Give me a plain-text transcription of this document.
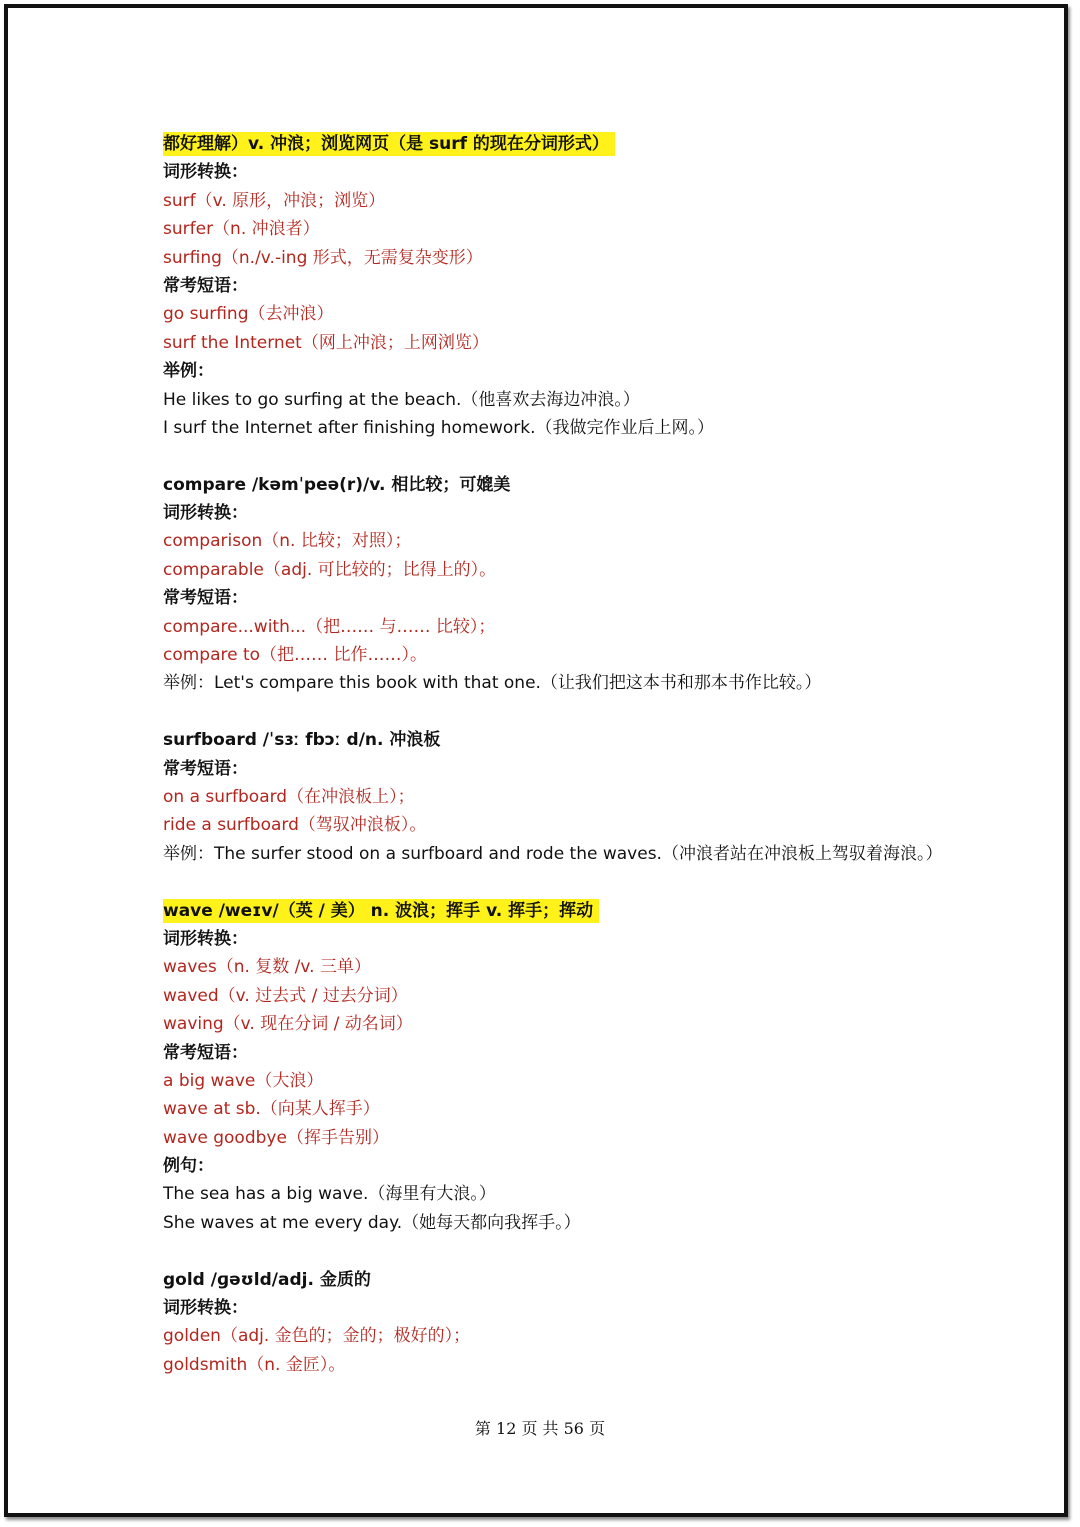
都好理解）v. 冲浪；浏览网页（是 surf 的现在分词形式）
词形转换：
surf（v. 原形，冲浪；浏览）
surfer（n. 冲浪者）
surfing（n./v.-ing 形式，无需复杂变形）
常考短语：
go surfing（去冲浪）
surf the Internet（网上冲浪；上网浏览）
举例：
He likes to go surfing at the beach.（他喜欢去海边冲浪。）
I surf the Internet after finishing homework.（我做完作业后上网。）
compare /kəmˈpeə(r)/v. 相比较；可媲美
词形转换：
comparison（n. 比较；对照）；
comparable（adj. 可比较的；比得上的）。
常考短语：
compare...with...（把…… 与…… 比较）；
compare to（把…… 比作……）。
举例：Let's compare this book with that one.（让我们把这本书和那本书作比较。）
surfboard /ˈsɜː fbɔː d/n. 冲浪板
常考短语：
on a surfboard（在冲浪板上）；
ride a surfboard（驾驭冲浪板）。
举例：The surfer stood on a surfboard and rode the waves.（冲浪者站在冲浪板上驾驭着海浪。）
wave /weɪv/（英 / 美） n. 波浪；挥手 v. 挥手；挥动
词形转换：
waves（n. 复数 /v. 三单）
waved（v. 过去式 / 过去分词）
waving（v. 现在分词 / 动名词）
常考短语：
a big wave（大浪）
wave at sb.（向某人挥手）
wave goodbye（挥手告别）
例句：
The sea has a big wave.（海里有大浪。）
She waves at me every day.（她每天都向我挥手。）
gold /ɡəʊld/adj. 金质的
词形转换：
golden（adj. 金色的；金的；极好的）；
goldsmith（n. 金匠）。
第 12 页 共 56 页
